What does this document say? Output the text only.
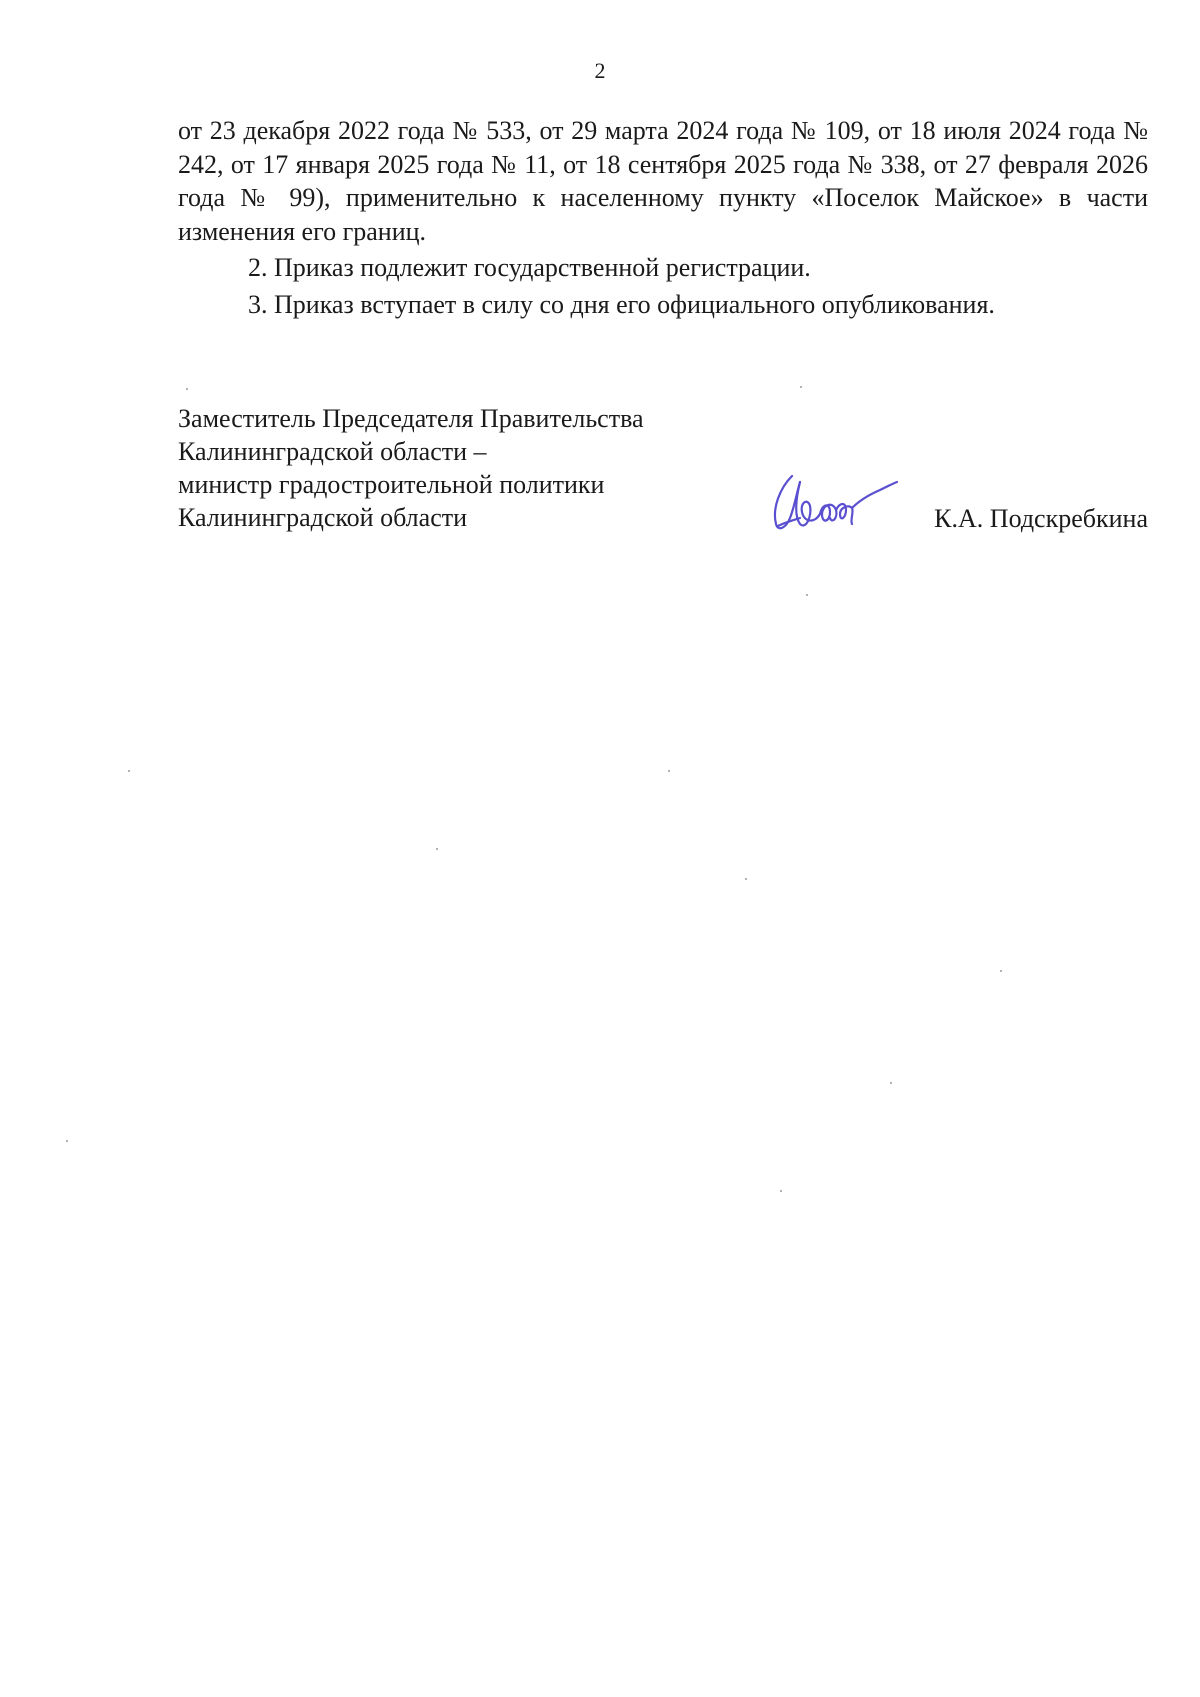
2

от 23 декабря 2022 года № 533, от 29 марта 2024 года № 109, от 18 июля 2024 года № 242, от 17 января 2025 года № 11, от 18 сентября 2025 года № 338, от 27 февраля 2026 года № 99), применительно к населенному пункту «Поселок Майское» в части изменения его границ.

2. Приказ подлежит государственной регистрации.

3. Приказ вступает в силу со дня его официального опубликования.

Заместитель Председателя Правительства
Калининградской области –
министр градостроительной политики
Калининградской области	К.А. Подскребкина
